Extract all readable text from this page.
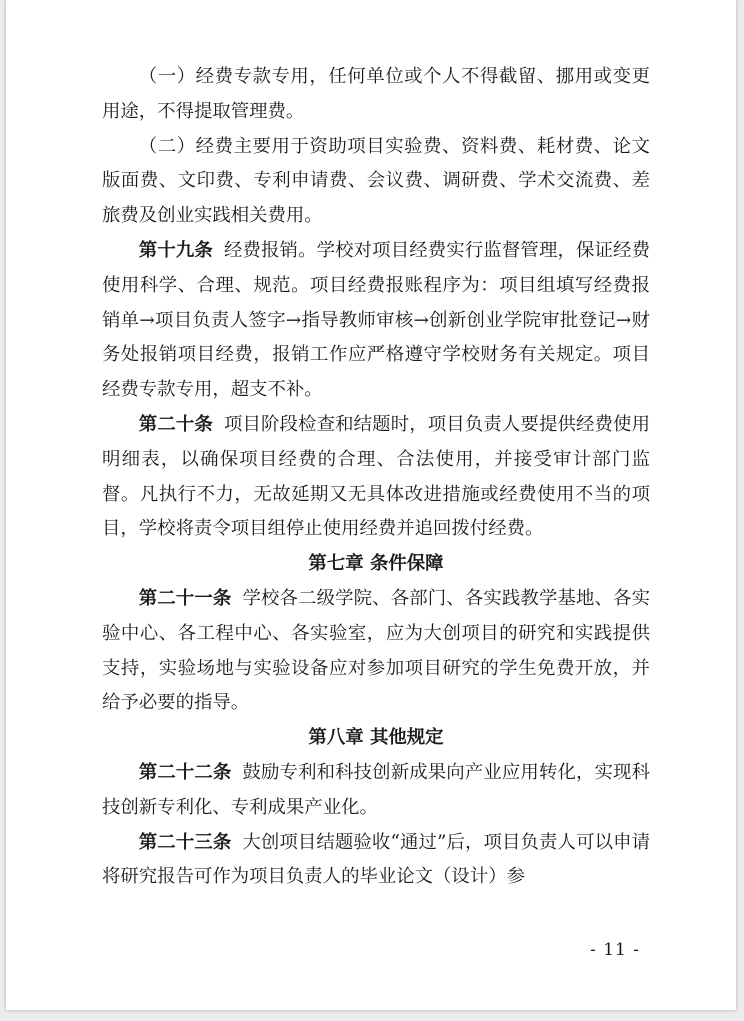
（一）经费专款专用，任何单位或个人不得截留、挪用或变更用途，不得提取管理费。

（二）经费主要用于资助项目实验费、资料费、耗材费、论文版面费、文印费、专利申请费、会议费、调研费、学术交流费、差旅费及创业实践相关费用。

第十九条 经费报销。学校对项目经费实行监督管理，保证经费使用科学、合理、规范。项目经费报账程序为：项目组填写经费报销单→项目负责人签字→指导教师审核→创新创业学院审批登记→财务处报销项目经费，报销工作应严格遵守学校财务有关规定。项目经费专款专用，超支不补。

第二十条 项目阶段检查和结题时，项目负责人要提供经费使用明细表，以确保项目经费的合理、合法使用，并接受审计部门监督。凡执行不力，无故延期又无具体改进措施或经费使用不当的项目，学校将责令项目组停止使用经费并追回拨付经费。

第七章 条件保障

第二十一条 学校各二级学院、各部门、各实践教学基地、各实验中心、各工程中心、各实验室，应为大创项目的研究和实践提供支持，实验场地与实验设备应对参加项目研究的学生免费开放，并给予必要的指导。

第八章 其他规定

第二十二条 鼓励专利和科技创新成果向产业应用转化，实现科技创新专利化、专利成果产业化。

第二十三条 大创项目结题验收“通过”后，项目负责人可以申请将研究报告可作为项目负责人的毕业论文（设计）参

- 11 -
